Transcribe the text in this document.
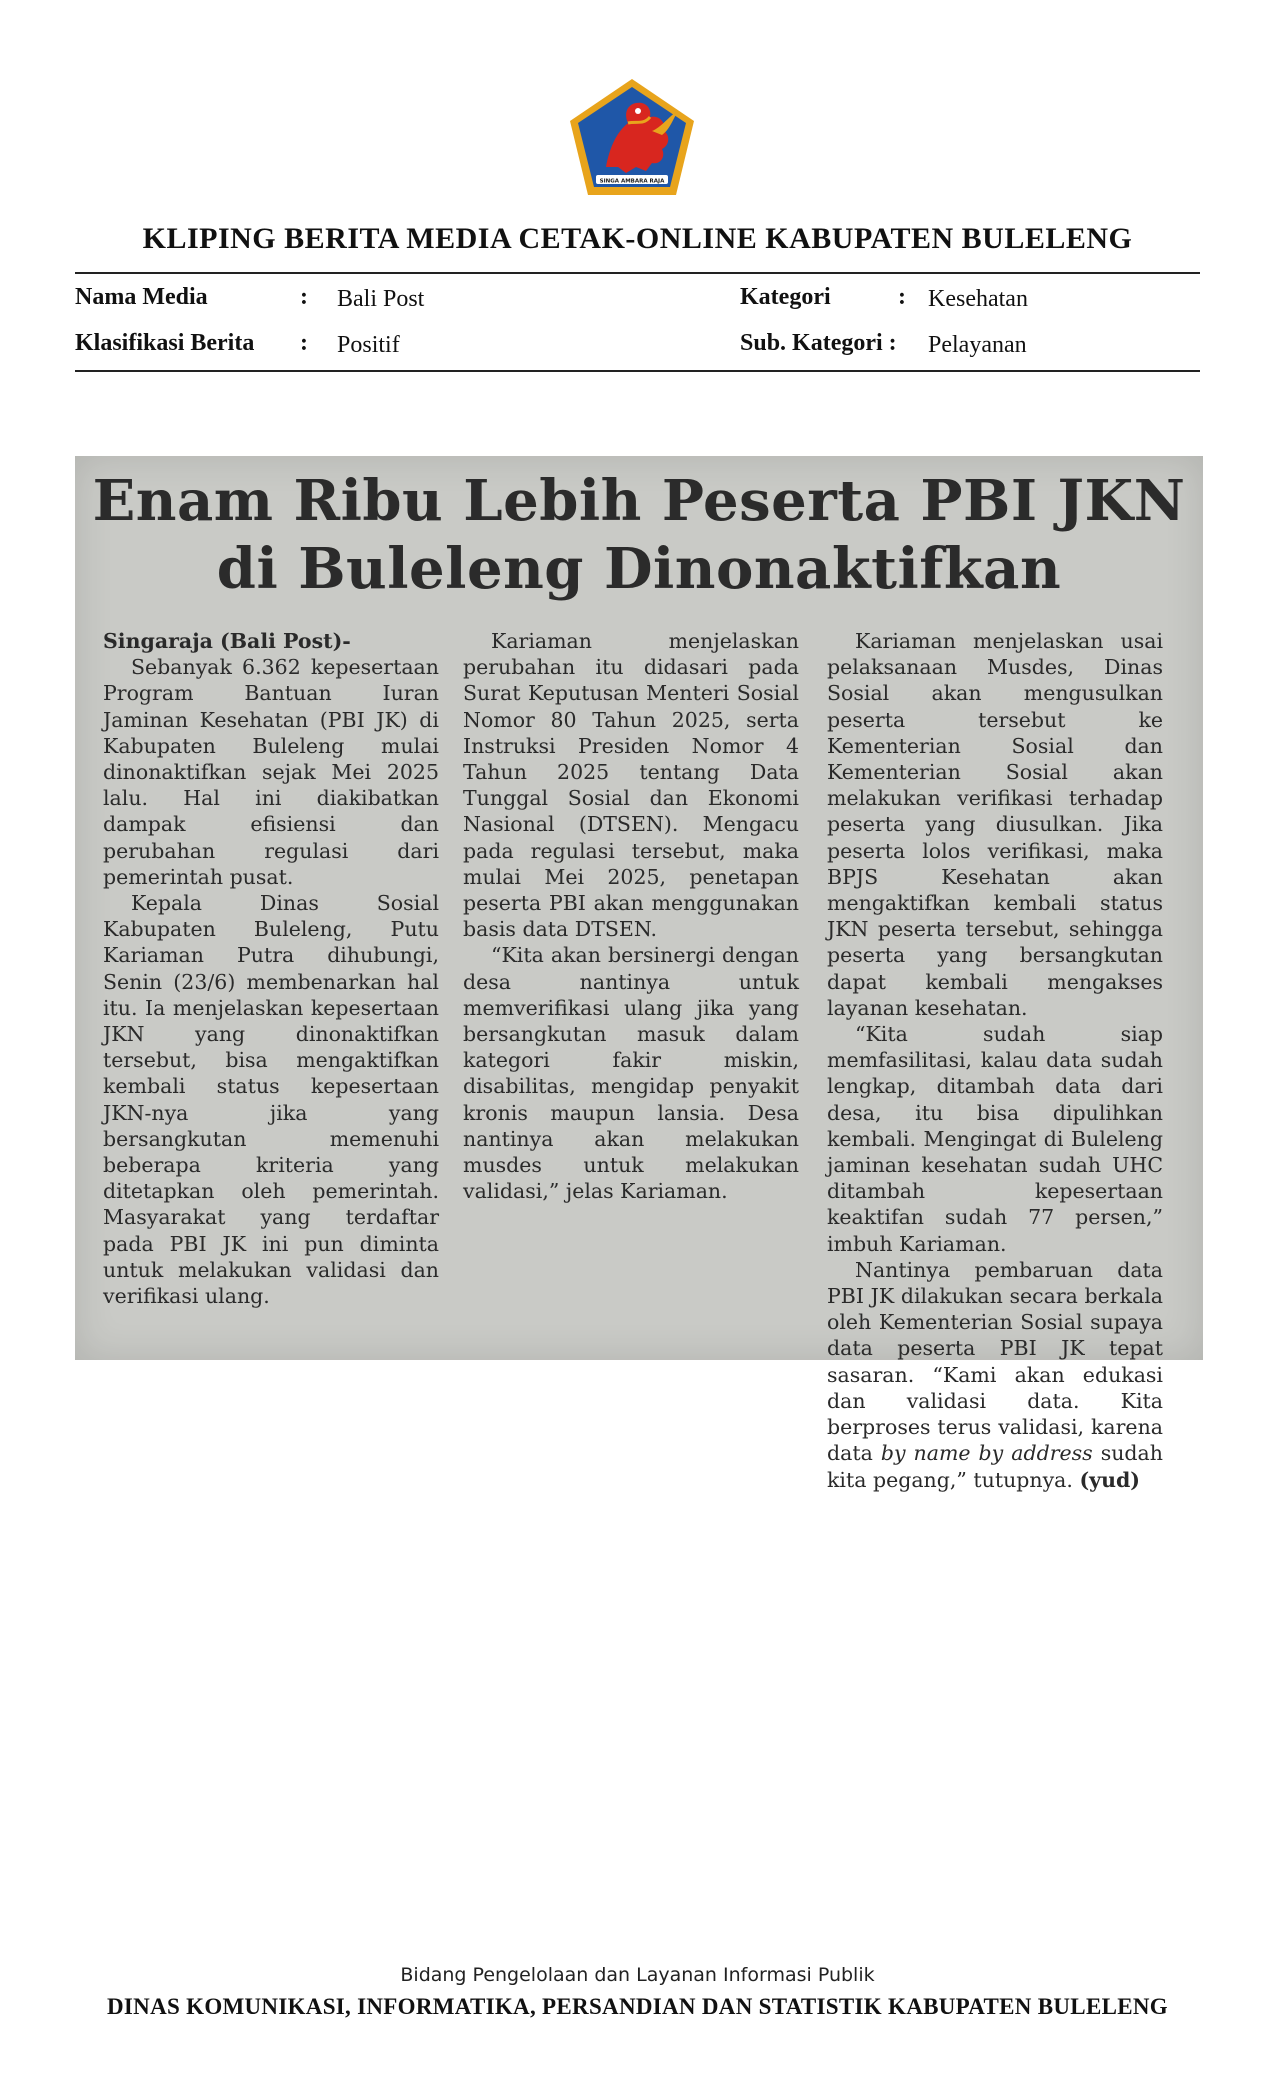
SINGA AMBARA RAJA
KLIPING BERITA MEDIA CETAK-ONLINE KABUPATEN BULELENG
Nama Media	: Bali Post
Klasifikasi Berita : Positif
Kategori	: Kesehatan
Sub. Kategori : Pelayanan
Enam Ribu Lebih Peserta PBI JKN
di Buleleng Dinonaktifkan

Singaraja (Bali Post)-

Sebanyak 6.362 kepesertaan Program Bantuan Iuran Jaminan Kesehatan (PBI JK) di Kabupaten Buleleng mulai dinonaktifkan sejak Mei 2025 lalu. Hal ini diakibatkan dampak efisiensi dan perubahan regulasi dari pemerintah pusat.

Kepala Dinas Sosial Kabupaten Buleleng, Putu Kariaman Putra dihubungi, Senin (23/6) membenarkan hal itu. Ia menjelaskan kepesertaan JKN yang dinonaktifkan tersebut, bisa mengaktifkan kembali status kepesertaan JKN-nya jika yang bersangkutan memenuhi beberapa kriteria yang ditetapkan oleh pemerintah. Masyarakat yang terdaftar pada PBI JK ini pun diminta untuk melakukan validasi dan verifikasi ulang.

Kariaman menjelaskan perubahan itu didasari pada Surat Keputusan Menteri Sosial Nomor 80 Tahun 2025, serta Instruksi Presiden Nomor 4 Tahun 2025 tentang Data Tunggal Sosial dan Ekonomi Nasional (DTSEN). Mengacu pada regulasi tersebut, maka mulai Mei 2025, penetapan peserta PBI akan menggunakan basis data DTSEN.

“Kita akan bersinergi dengan desa nantinya untuk memverifikasi ulang jika yang bersangkutan masuk dalam kategori fakir miskin, disabilitas, mengidap penyakit kronis maupun lansia. Desa nantinya akan melakukan musdes untuk melakukan validasi,” jelas Kariaman.

Kariaman menjelaskan usai pelaksanaan Musdes, Dinas Sosial akan mengusulkan peserta tersebut ke Kementerian Sosial dan Kementerian Sosial akan melakukan verifikasi terhadap peserta yang diusulkan. Jika peserta lolos verifikasi, maka BPJS Kesehatan akan mengaktifkan kembali status JKN peserta tersebut, sehingga peserta yang bersangkutan dapat kembali mengakses layanan kesehatan.

“Kita sudah siap memfasilitasi, kalau data sudah lengkap, ditambah data dari desa, itu bisa dipulihkan kembali. Mengingat di Buleleng jaminan kesehatan sudah UHC ditambah kepesertaan keaktifan sudah 77 persen,” imbuh Kariaman.

Nantinya pembaruan data PBI JK dilakukan secara berkala oleh Kementerian Sosial supaya data peserta PBI JK tepat sasaran. “Kami akan edukasi dan validasi data. Kita berproses terus validasi, karena data by name by address sudah kita pegang,” tutupnya. (yud)

Bidang Pengelolaan dan Layanan Informasi Publik
DINAS KOMUNIKASI, INFORMATIKA, PERSANDIAN DAN STATISTIK KABUPATEN BULELENG
